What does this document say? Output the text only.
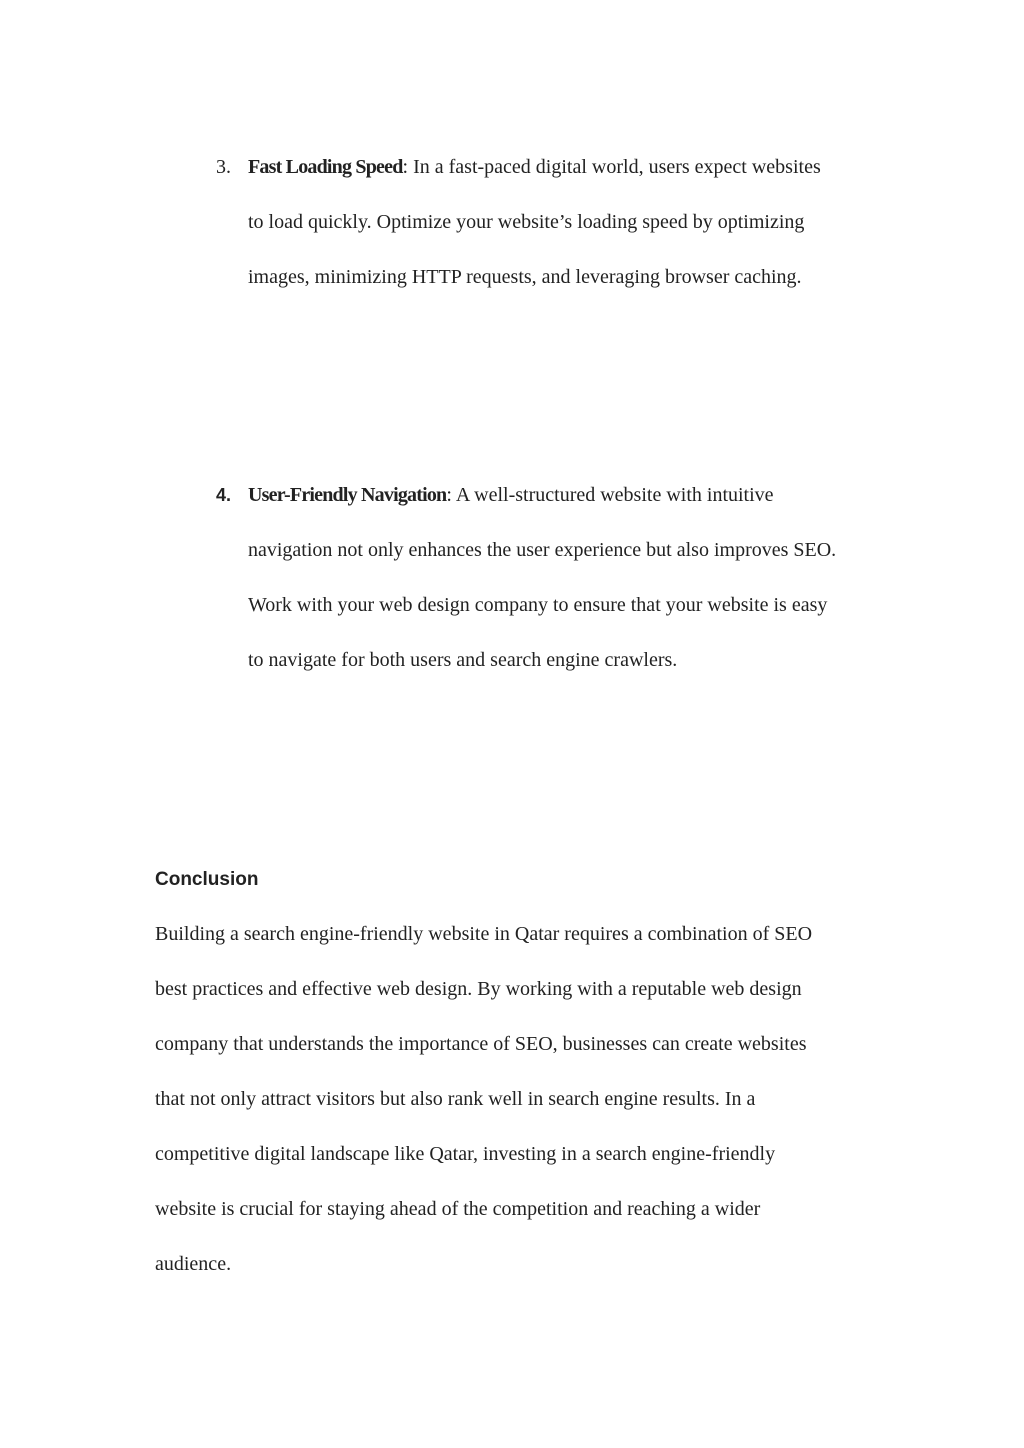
3. Fast Loading Speed: In a fast-paced digital world, users expect websites to load quickly. Optimize your website’s loading speed by optimizing images, minimizing HTTP requests, and leveraging browser caching.

4. User-Friendly Navigation: A well-structured website with intuitive navigation not only enhances the user experience but also improves SEO. Work with your web design company to ensure that your website is easy to navigate for both users and search engine crawlers.

Conclusion

Building a search engine-friendly website in Qatar requires a combination of SEO best practices and effective web design. By working with a reputable web design company that understands the importance of SEO, businesses can create websites that not only attract visitors but also rank well in search engine results. In a competitive digital landscape like Qatar, investing in a search engine-friendly website is crucial for staying ahead of the competition and reaching a wider audience.
